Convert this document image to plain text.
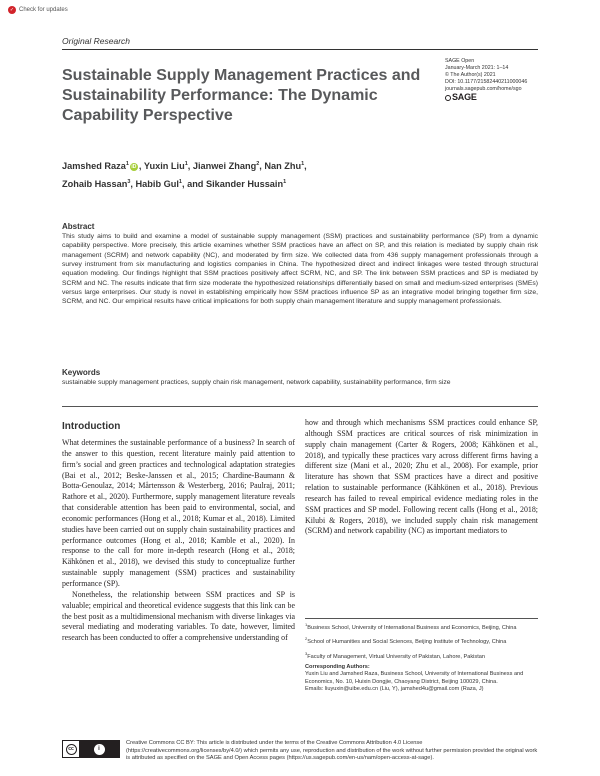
✓ Check for updates
Original Research
Sustainable Supply Management Practices and Sustainability Performance: The Dynamic Capability Perspective
SAGE Open
January-March 2021: 1–14
© The Author(s) 2021
DOI: 10.1177/21582440211000046
journals.sagepub.com/home/sgo
SAGE
Jamshed Raza$^1$iD , Yuxin Liu$^1$, Jianwei Zhang$^2$, Nan Zhu$^1$,
Zohaib Hassan$^3$, Habib Gul$^1$, and Sikander Hussain$^1$
Abstract

This study aims to build and examine a model of sustainable supply management (SSM) practices and sustainability performance (SP) from a dynamic capability perspective. More precisely, this article examines whether SSM practices have an affect on SP, and this relation is mediated by supply chain risk management (SCRM) and network capability (NC), and moderated by firm size. We collected data from 436 supply management professionals through a survey instrument from six manufacturing and logistics companies in China. The hypothesized direct and indirect linkages were tested through structural equation modeling. Our findings highlight that SSM practices positively affect SCRM, NC, and SP. The link between SSM practices and SP is mediated by SCRM and NC. The results indicate that firm size moderate the hypothesized relationships differentially based on small and medium-sized enterprises (SMEs) versus large enterprises. Our study is novel in establishing empirically how SSM practices influence SP as an integrative model bringing together firm size, SCRM, and NC. Our empirical results have critical implications for both supply chain management literature and supply management professionals.

Keywords

sustainable supply management practices, supply chain risk management, network capability, sustainability performance, firm size

Introduction

What determines the sustainable performance of a business? In search of the answer to this question, recent literature mainly paid attention to firm’s social and green practices and technological adaptation strategies (Bai et al., 2012; Beske-Janssen et al., 2015; Chardine-Baumann & Botta-Genoulaz, 2014; Mårtensson & Westerberg, 2016; Paulraj, 2011; Rathore et al., 2020). Furthermore, supply management literature reveals that considerable attention has been paid to environmental, social, and economic performances (Hong et al., 2018; Kumar et al., 2018). Limited studies have been carried out on supply chain sustainability practices and performance outcomes (Hong et al., 2018; Kamble et al., 2020). In response to the call for more in-depth research (Hong et al., 2018; Kähkönen et al., 2018), we devised this study to conceptualize further sustainable supply management (SSM) practices and sustainability performance (SP).

Nonetheless, the relationship between SSM practices and SP is valuable; empirical and theoretical evidence suggests that this link can be the best posit as a multidimensional mechanism with diverse linkages via several mediating and moderating variables. To date, however, limited research has been conducted to offer a comprehensive understanding of

how and through which mechanisms SSM practices could enhance SP, although SSM practices are critical sources of risk minimization in supply chain management (Carter & Rogers, 2008; Kähkönen et al., 2018), and typically these practices vary across different firms having a different size (Mani et al., 2020; Zhu et al., 2008). For example, prior literature has shown that SSM practices have a direct and positive relation to sustainable performance (Kähkönen et al., 2018). Previous research has failed to reveal empirical evidence mediating roles in the SSM practices and SP model. Following recent calls (Hong et al., 2018; Kilubi & Rogers, 2018), we included supply chain risk management (SCRM) and network capability (NC) as important mediators to

$^1$Business School, University of International Business and Economics, Beijing, China
$^2$School of Humanities and Social Sciences, Beijing Institute of Technology, China
$^3$Faculty of Management, Virtual University of Pakistan, Lahore, Pakistan
Corresponding Authors:
Yuxin Liu and Jamshed Raza, Business School, University of International Business and Economics, No. 10, Huixin Dongjie, Chaoyang District, Beijing 100029, China.
Emails: liuyuxin@uibe.edu.cn (Liu, Y), jamshed4u@gmail.com (Raza, J)
cc	i

Creative Commons CC BY: This article is distributed under the terms of the Creative Commons Attribution 4.0 License (https://creativecommons.org/licenses/by/4.0/) which permits any use, reproduction and distribution of the work without further permission provided the original work is attributed as specified on the SAGE and Open Access pages (https://us.sagepub.com/en-us/nam/open-access-at-sage).
